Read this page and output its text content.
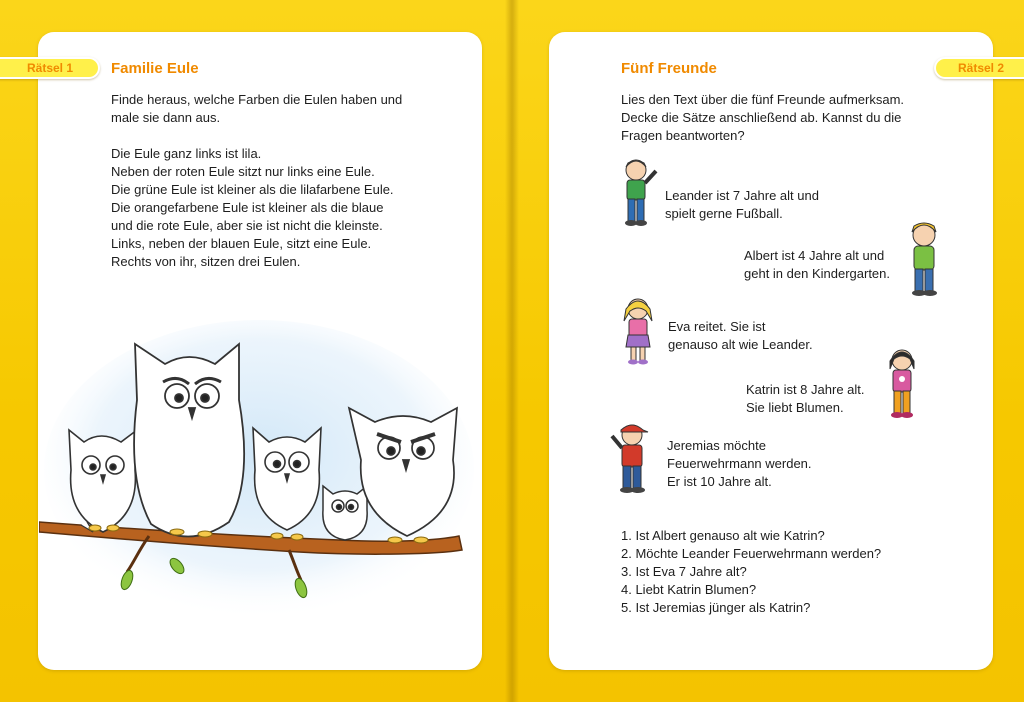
Rätsel 1	Familie Eule
Finde heraus, welche Farben die Eulen haben und
male sie dann aus.
Die Eule ganz links ist lila.
Neben der roten Eule sitzt nur links eine Eule.
Die grüne Eule ist kleiner als die lilafarbene Eule.
Die orangefarbene Eule ist kleiner als die blaue
und die rote Eule, aber sie ist nicht die kleinste.
Links, neben der blauen Eule, sitzt eine Eule.
Rechts von ihr, sitzen drei Eulen.
Rätsel 2
Fünf Freunde
Lies den Text über die fünf Freunde aufmerksam.
Decke die Sätze anschließend ab. Kannst du die
Fragen beantworten?
Leander ist 7 Jahre alt und
spielt gerne Fußball.
Albert ist 4 Jahre alt und
geht in den Kindergarten.
Eva reitet. Sie ist
genauso alt wie Leander.
Katrin ist 8 Jahre alt.
Sie liebt Blumen.
Jeremias möchte
Feuerwehrmann werden.
Er ist 10 Jahre alt.
1. Ist Albert genauso alt wie Katrin?
2. Möchte Leander Feuerwehrmann werden?
3. Ist Eva 7 Jahre alt?
4. Liebt Katrin Blumen?
5. Ist Jeremias jünger als Katrin?
